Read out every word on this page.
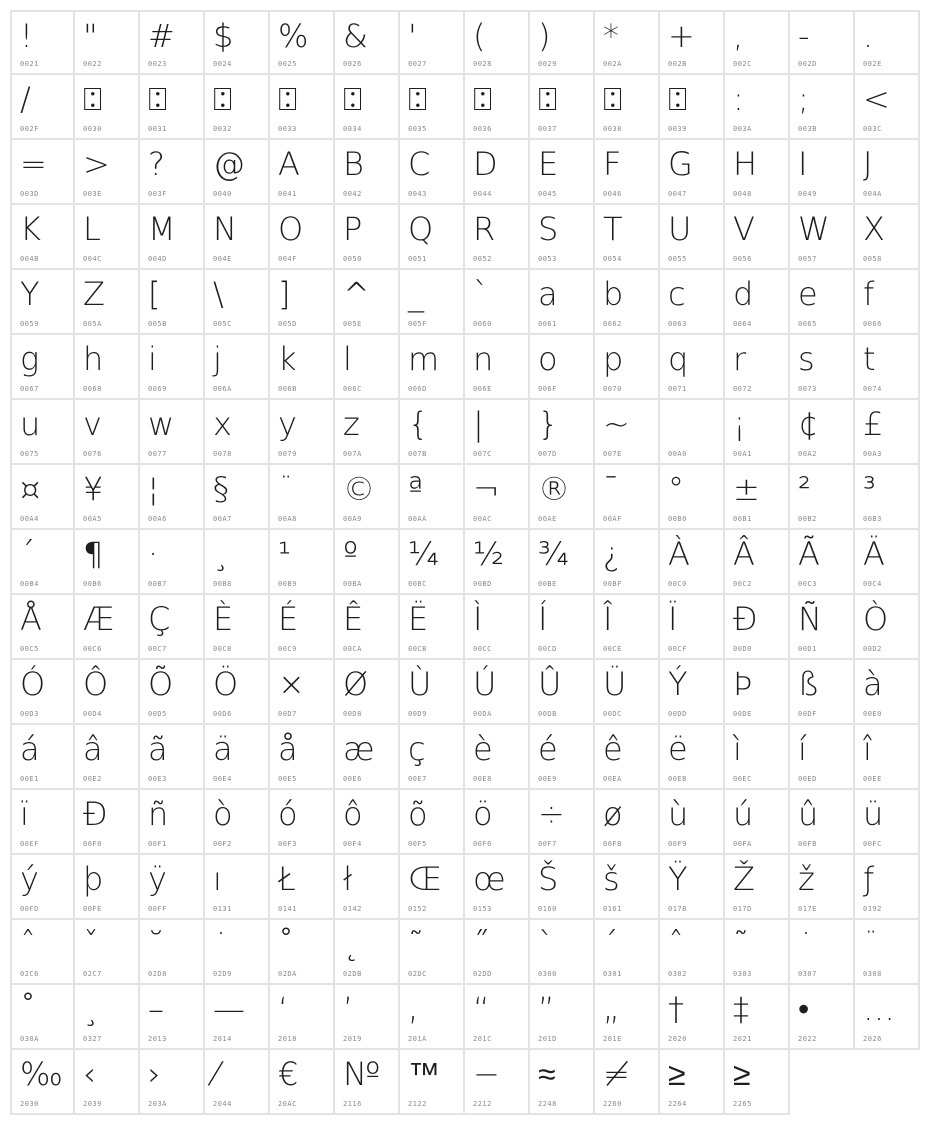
!
0021
"
0022
#
0023
$
0024
%
0025
&
0026
'
0027
(
0028
)
0029
*
002A
+
002B
,
002C
-
002D
.
002E
/
002F
⍠
0030
⍠
0031
⍠
0032
⍠
0033
⍠
0034
⍠
0035
⍠
0036
⍠
0037
⍠
0038
⍠
0039
:
003A
;
003B
<
003C
=
003D
>
003E
?
003F
@
0040
A
0041
B
0042
C
0043
D
0044
E
0045
F
0046
G
0047
H
0048
I
0049
J
004A
K
004B
L
004C
M
004D
N
004E
O
004F
P
0050
Q
0051
R
0052
S
0053
T
0054
U
0055
V
0056
W
0057
X
0058
Y
0059
Z
005A
[
005B
\
005C
]
005D
^
005E
_
005F
`
0060
a
0061
b
0062
c
0063
d
0064
e
0065
f
0066
g
0067
h
0068
i
0069
j
006A
k
006B
l
006C
m
006D
n
006E
o
006F
p
0070
q
0071
r
0072
s
0073
t
0074
u
0075
v
0076
w
0077
x
0078
y
0079
z
007A
{
007B
|
007C
}
007D
~
007E	00A0
¡
00A1
¢
00A2
£
00A3
¤
00A4
¥
00A5
¦
00A6
§
00A7
¨
00A8
©
00A9
ª
00AA
¬
00AC
®
00AE
¯
00AF
°
00B0
±
00B1
²
00B2
³
00B3
´
00B4
¶
00B6
·
00B7
¸
00B8
¹
00B9
º
00BA
¼
00BC
½
00BD
¾
00BE
¿
00BF
À
00C0
Â
00C2
Ã
00C3
Ä
00C4
Å
00C5
Æ
00C6
Ç
00C7
È
00C8
É
00C9
Ê
00CA
Ë
00CB
Ì
00CC
Í
00CD
Î
00CE
Ï
00CF
Ð
00D0
Ñ
00D1
Ò
00D2
Ó
00D3
Ô
00D4
Õ
00D5
Ö
00D6
×
00D7
Ø
00D8
Ù
00D9
Ú
00DA
Û
00DB
Ü
00DC
Ý
00DD
Þ
00DE
ß
00DF
à
00E0
á
00E1
â
00E2
ã
00E3
ä
00E4
å
00E5
æ
00E6
ç
00E7
è
00E8
é
00E9
ê
00EA
ë
00EB
ì
00EC
í
00ED
î
00EE
ï
00EF
Đ
00F0
ñ
00F1
ò
00F2
ó
00F3
ô
00F4
õ
00F5
ö
00F6
÷
00F7
ø
00F8
ù
00F9
ú
00FA
û
00FB
ü
00FC
ý
00FD
þ
00FE
ÿ
00FF
ı
0131
Ł
0141
ł
0142
Œ
0152
œ
0153
Š
0160
š
0161
Ÿ
0178
Ž
017D
ž
017E
ƒ
0192
ˆ
02C6
ˇ
02C7
˘
02D8
˙
02D9
˚
02DA
˛
02DB
˜
02DC
˝
02DD
ˋ
0300
ˊ
0301
ˆ
0302
˜
0303
˙
0307
¨
0308
˚
030A
¸
0327
–
2013
—
2014
‘
2018
’
2019
‚
201A
“
201C
”
201D
„
201E
†
2020
‡
2021
•
2022
…
2026
‰
2030
‹
2039
›
203A
⁄
2044
€
20AC
№
2116
™
2122
−
2212
≈
2248
≠
2260
≥
2264
≥
2265
